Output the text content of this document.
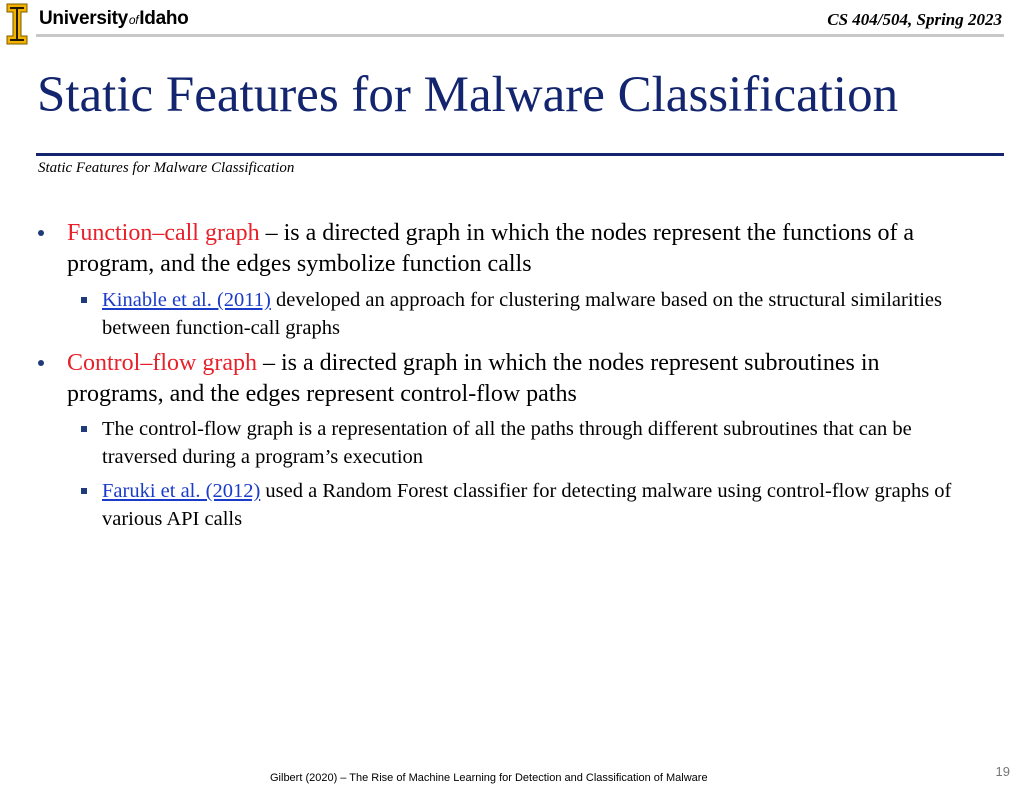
UniversityofIdaho	CS 404/504, Spring 2023
Static Features for Malware Classification
Static Features for Malware Classification
Function–call graph – is a directed graph in which the nodes represent the functions of a program, and the edges symbolize function calls
Kinable et al. (2011) developed an approach for clustering malware based on the structural similarities between function-call graphs
Control–flow graph – is a directed graph in which the nodes represent subroutines in programs, and the edges represent control-flow paths
The control-flow graph is a representation of all the paths through different subroutines that can be traversed during a program’s execution
Faruki et al. (2012) used a Random Forest classifier for detecting malware using control-flow graphs of various API calls
Gilbert (2020) – The Rise of Machine Learning for Detection and Classification of Malware	19
